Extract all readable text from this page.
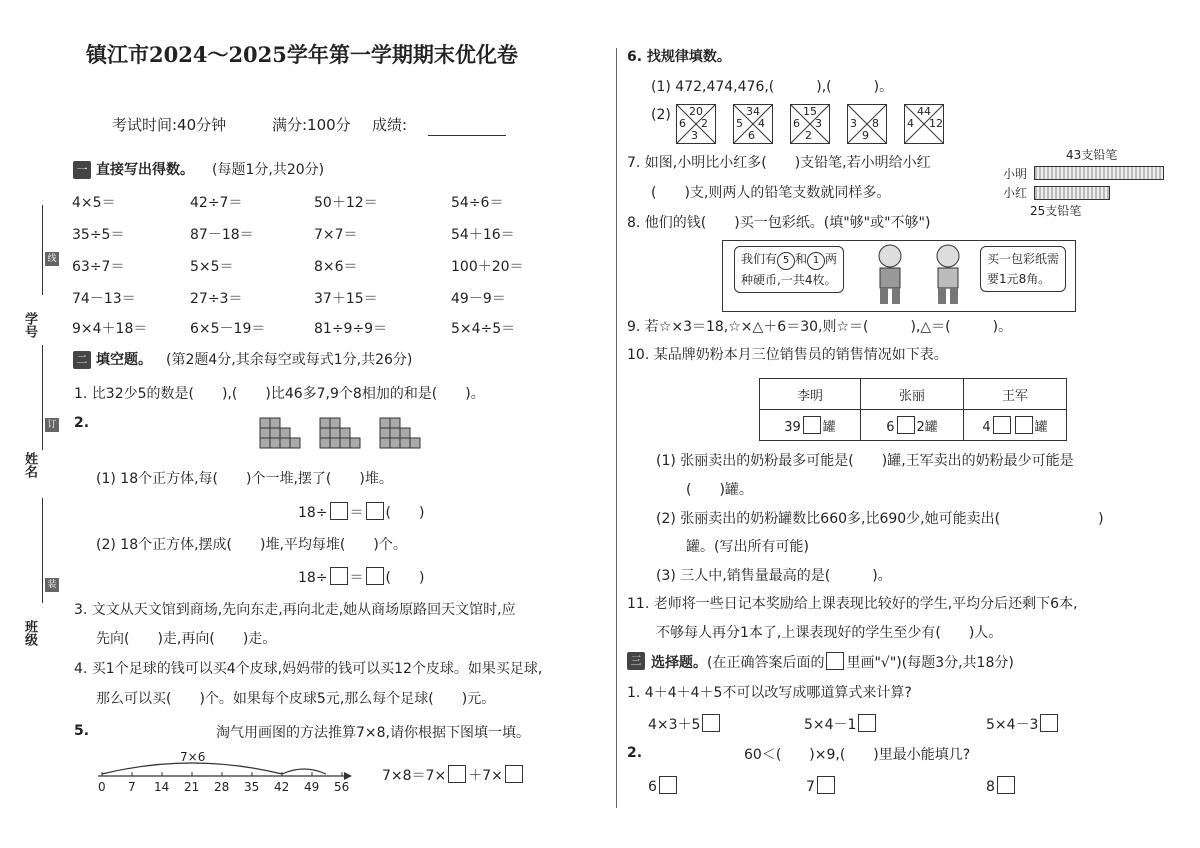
学号
姓名
班级
线
订
装
镇江市2024～2025学年第一学期期末优化卷
考试时间:40分钟	满分:100分 成绩:
一 直接写出得数。 (每题1分,共20分)
4×5＝	42÷7＝	50＋12＝	54÷6＝
35÷5＝	87－18＝	7×7＝	54＋16＝
63÷7＝	5×5＝	8×6＝	100＋20＝
74－13＝	27÷3＝	37＋15＝	49－9＝
9×4＋18＝	6×5－19＝	81÷9÷9＝	5×4÷5＝
二 填空题。 (第2题4分,其余每空或每式1分,共26分)
1. 比32少5的数是(　　),(　　)比46多7,9个8相加的和是(　　)。
2.
(1) 18个正方体,每(　　)个一堆,摆了(　　)堆。
18÷ ＝ (　　)
(2) 18个正方体,摆成(　　)堆,平均每堆(　　)个。
18÷ ＝ (　　)
3. 文文从天文馆到商场,先向东走,再向北走,她从商场原路回天文馆时,应
先向(　　)走,再向(　　)走。
4. 买1个足球的钱可以买4个皮球,妈妈带的钱可以买12个皮球。如果买足球,
那么可以买(　　)个。如果每个皮球5元,那么每个足球(　　)元。
5.	淘气用画图的方法推算7×8,请你根据下图填一填。
7×6
0 7 14 21 28 35 42 49 56
7×8＝7× ＋7×
6. 找规律填数。
(1) 472,474,476,(　　　),(　　　)。
(2) 20
6 2
3
34
5 4
6
15
6 3
2
3 8
9
44
4 12
7. 如图,小明比小红多(　　)支铅笔,若小明给小红
(　　)支,则两人的铅笔支数就同样多。
43支铅笔
小明
小红
25支铅笔
8. 他们的钱(　　)买一包彩纸。(填"够"或"不够")
我们有 5 和 1 两
种硬币,一共4枚。
买一包彩纸需
要1元8角。
9. 若☆×3＝18,☆×△＋6＝30,则☆＝(　　　),△＝(　　　)。
10. 某品牌奶粉本月三位销售员的销售情况如下表。
李明	张丽	王军
39 罐	6 2罐	4 罐
(1) 张丽卖出的奶粉最多可能是(　　)罐,王军卖出的奶粉最少可能是
(　　)罐。
(2) 张丽卖出的奶粉罐数比660多,比690少,她可能卖出(　　　　　　　)
罐。(写出所有可能)
(3) 三人中,销售量最高的是(　　　)。
11. 老师将一些日记本奖励给上课表现比较好的学生,平均分后还剩下6本,
不够每人再分1本了,上课表现好的学生至少有(　　)人。
三 选择题。(在正确答案后面的 里画"√")(每题3分,共18分)
1. 4＋4＋4＋5不可以改写成哪道算式来计算?
4×3＋5	5×4－1	5×4－3
2.	60＜(　　)×9,(　　)里最小能填几?
6	7	8
